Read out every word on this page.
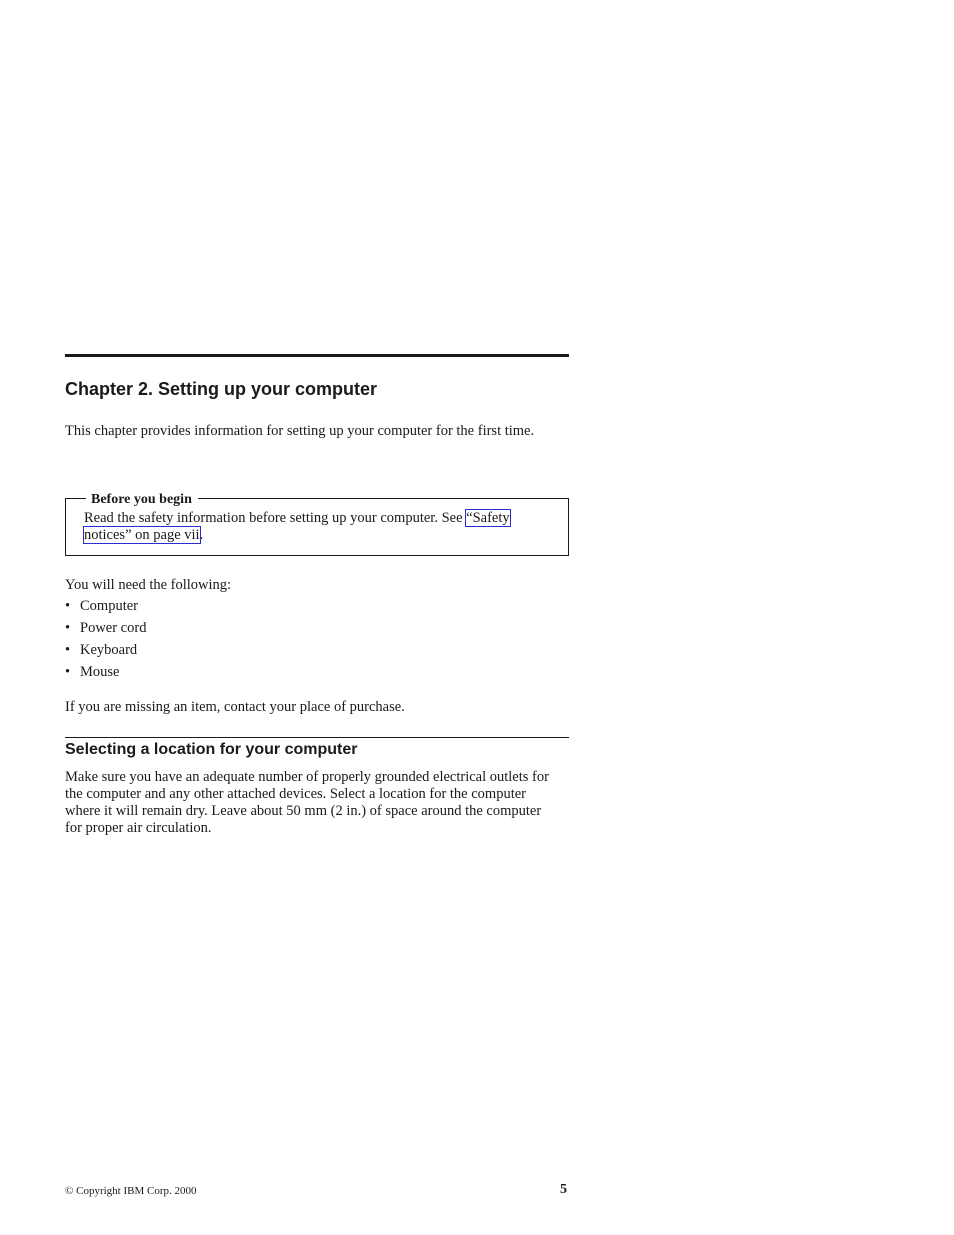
Chapter 2. Setting up your computer

This chapter provides information for setting up your computer for the first time.

Before you begin

Read the safety information before setting up your computer. See “Safety notices” on page vii.

You will need the following:

• Computer
• Power cord
• Keyboard
• Mouse

If you are missing an item, contact your place of purchase.

Selecting a location for your computer

Make sure you have an adequate number of properly grounded electrical outlets for the computer and any other attached devices. Select a location for the computer where it will remain dry. Leave about 50 mm (2 in.) of space around the computer for proper air circulation.

© Copyright IBM Corp. 2000	5
